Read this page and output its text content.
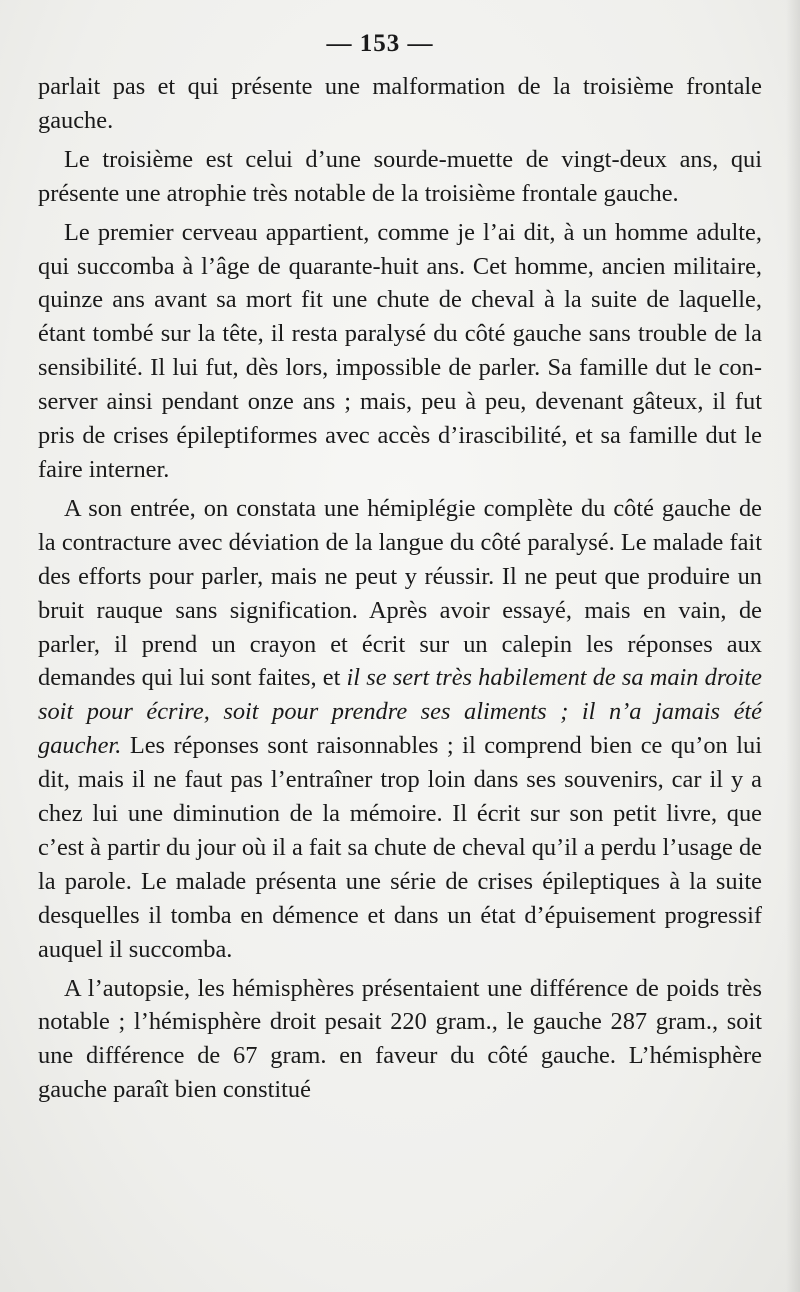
— 153 —

parlait pas et qui présente une malformation de la troisième frontale gauche.

Le troisième est celui d’une sourde-muette de vingt-deux ans, qui présente une atrophie très notable de la troisième frontale gauche.

Le premier cerveau appartient, comme je l’ai dit, à un homme adulte, qui succomba à l’âge de quarante-huit ans. Cet homme, ancien militaire, quinze ans avant sa mort fit une chute de cheval à la suite de laquelle, étant tombé sur la tête, il resta paralysé du côté gauche sans trouble de la sensibilité. Il lui fut, dès lors, impossible de parler. Sa famille dut le conserver ainsi pendant onze ans ; mais, peu à peu, devenant gâteux, il fut pris de crises épileptiformes avec accès d’irascibilité, et sa famille dut le faire interner.

A son entrée, on constata une hémiplégie complète du côté gauche de la contracture avec déviation de la langue du côté paralysé. Le malade fait des efforts pour parler, mais ne peut y réussir. Il ne peut que produire un bruit rauque sans signification. Après avoir essayé, mais en vain, de parler, il prend un crayon et écrit sur un calepin les réponses aux demandes qui lui sont faites, et il se sert très habilement de sa main droite soit pour écrire, soit pour prendre ses aliments ; il n’a jamais été gaucher. Les réponses sont raisonnables ; il comprend bien ce qu’on lui dit, mais il ne faut pas l’entraîner trop loin dans ses souvenirs, car il y a chez lui une diminution de la mémoire. Il écrit sur son petit livre, que c’est à partir du jour où il a fait sa chute de cheval qu’il a perdu l’usage de la parole. Le malade présenta une série de crises épileptiques à la suite desquelles il tomba en démence et dans un état d’épuisement progressif auquel il succomba.

A l’autopsie, les hémisphères présentaient une différence de poids très notable ; l’hémisphère droit pesait 220 gram., le gauche 287 gram., soit une différence de 67 gram. en faveur du côté gauche. L’hémisphère gauche paraît bien constitué
